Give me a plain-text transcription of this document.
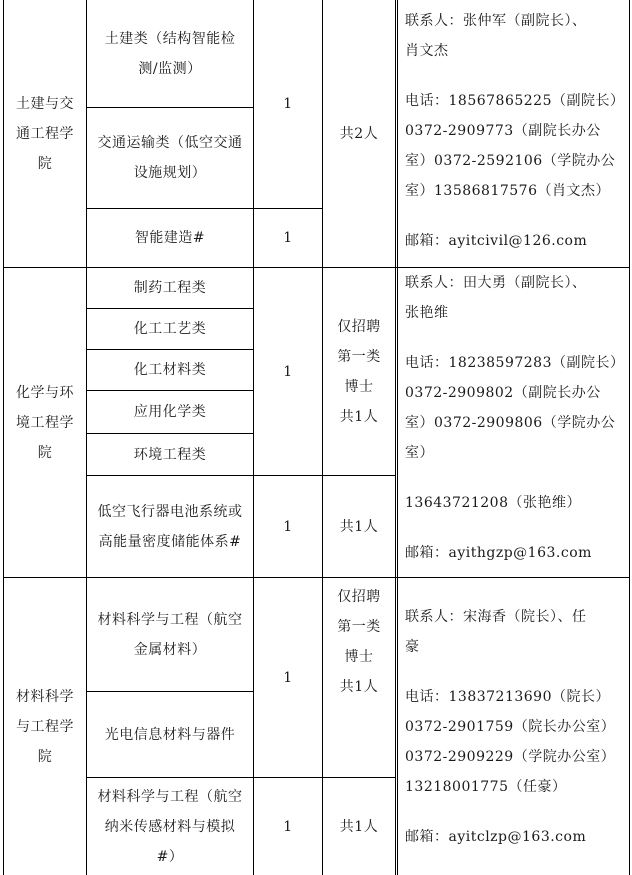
土建与交通工程学院
土建类（结构智能检测/监测）
交通运输类（低空交通设施规划）
智能建造#
1
1
共2人
联系人：张仲军（副院长）、
肖文杰
电话：18567865225（副院长）
0372-2909773（副院长办公
室）0372-2592106（学院办公
室）13586817576（肖文杰）
邮箱：ayitcivil@126.com
化学与环境工程学院
制药工程类
化工工艺类
化工材料类
应用化学类
环境工程类
低空飞行器电池系统或高能量密度储能体系#
1
1
仅招聘第一类博士
共1人
共1人
联系人：田大勇（副院长）、
张艳维
电话：18238597283（副院长）
0372-2909802（副院长办公
室）0372-2909806（学院办公
室）
13643721208（张艳维）
邮箱：ayithgzp@163.com
材料科学与工程学院
材料科学与工程（航空金属材料）
光电信息材料与器件
材料科学与工程（航空纳米传感材料与模拟#）
1
1
仅招聘第一类博士
共1人
共1人
联系人：宋海香（院长）、任
豪
电话：13837213690（院长）
0372-2901759（院长办公室）
0372-2909229（学院办公室）
13218001775（任豪）
邮箱：ayitclzp@163.com
